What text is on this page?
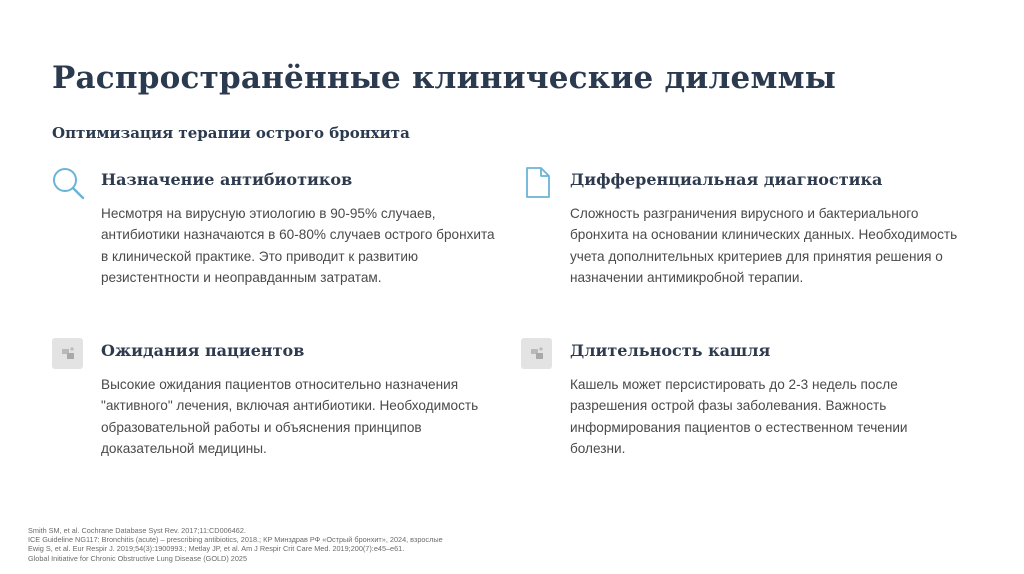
Распространённые клинические дилеммы
Оптимизация терапии острого бронхита
Назначение антибиотиков
Несмотря на вирусную этиологию в 90-95% случаев, антибиотики назначаются в 60-80% случаев острого бронхита в клинической практике. Это приводит к развитию резистентности и неоправданным затратам.
Дифференциальная диагностика
Сложность разграничения вирусного и бактериального бронхита на основании клинических данных. Необходимость учета дополнительных критериев для принятия решения о назначении антимикробной терапии.
Ожидания пациентов
Высокие ожидания пациентов относительно назначения "активного" лечения, включая антибиотики. Необходимость образовательной работы и объяснения принципов доказательной медицины.
Длительность кашля
Кашель может персистировать до 2-3 недель после разрешения острой фазы заболевания. Важность информирования пациентов о естественном течении болезни.
Smith SM, et al. Cochrane Database Syst Rev. 2017;11:CD006462.
ICE Guideline NG117: Bronchitis (acute) – prescribing antibiotics, 2018.; КР Минздрав РФ «Острый бронхит», 2024, взрослые
Ewig S, et al. Eur Respir J. 2019;54(3):1900993.; Metlay JP, et al. Am J Respir Crit Care Med. 2019;200(7):e45–e61.
Global Initiative for Chronic Obstructive Lung Disease (GOLD) 2025
